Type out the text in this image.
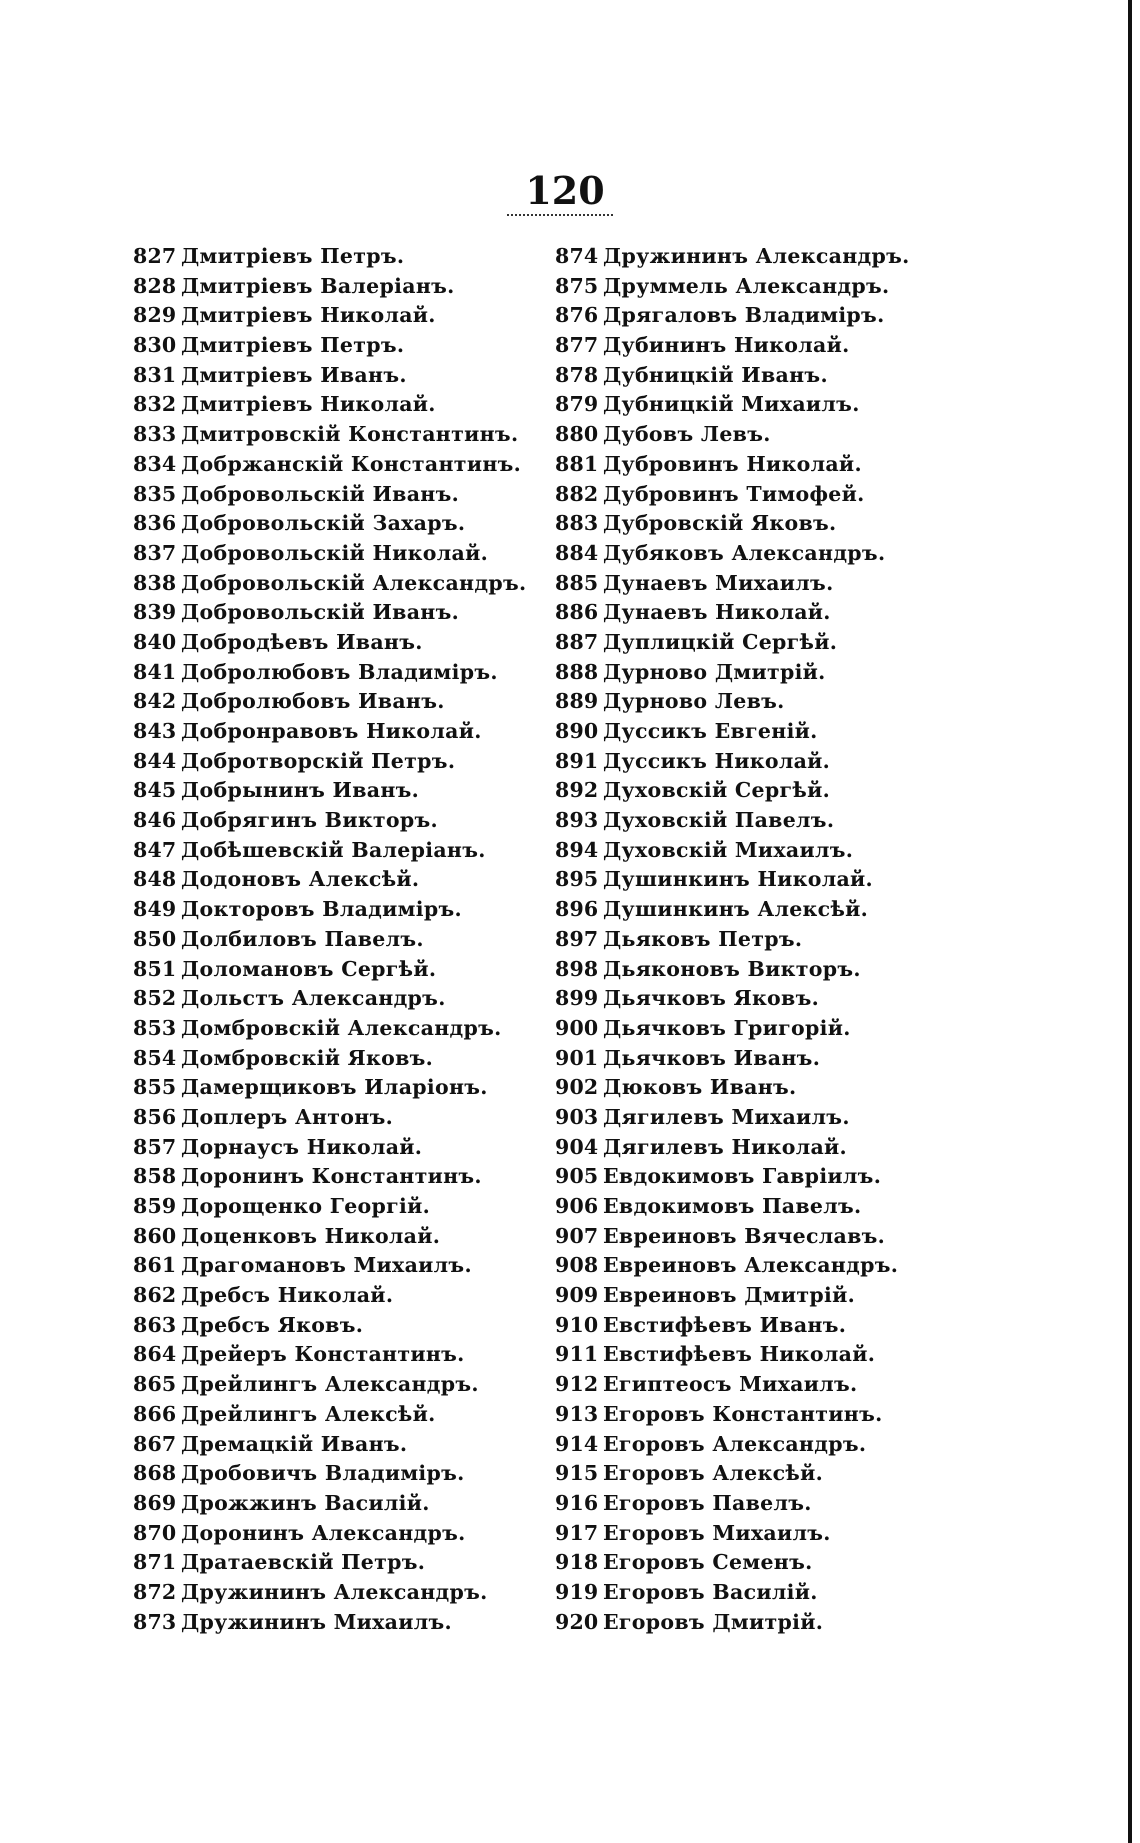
120
827 Дмитріевъ Петръ.
828 Дмитріевъ Валеріанъ.
829 Дмитріевъ Николай.
830 Дмитріевъ Петръ.
831 Дмитріевъ Иванъ.
832 Дмитріевъ Николай.
833 Дмитровскій Константинъ.
834 Добржанскій Константинъ.
835 Добровольскій Иванъ.
836 Добровольскій Захаръ.
837 Добровольскій Николай.
838 Добровольскій Александръ.
839 Добровольскій Иванъ.
840 Добродѣевъ Иванъ.
841 Добролюбовъ Владиміръ.
842 Добролюбовъ Иванъ.
843 Добронравовъ Николай.
844 Добротворскій Петръ.
845 Добрынинъ Иванъ.
846 Добрягинъ Викторъ.
847 Добѣшевскій Валеріанъ.
848 Додоновъ Алексѣй.
849 Докторовъ Владиміръ.
850 Долбиловъ Павелъ.
851 Доломановъ Сергѣй.
852 Дольстъ Александръ.
853 Домбровскій Александръ.
854 Домбровскій Яковъ.
855 Дамерщиковъ Иларіонъ.
856 Доплеръ Антонъ.
857 Дорнаусъ Николай.
858 Доронинъ Константинъ.
859 Дорощенко Георгій.
860 Доценковъ Николай.
861 Драгомановъ Михаилъ.
862 Дребсъ Николай.
863 Дребсъ Яковъ.
864 Дрейеръ Константинъ.
865 Дрейлингъ Александръ.
866 Дрейлингъ Алексѣй.
867 Дремацкій Иванъ.
868 Дробовичъ Владиміръ.
869 Дрожжинъ Василій.
870 Доронинъ Александръ.
871 Дратаевскій Петръ.
872 Дружининъ Александръ.
873 Дружининъ Михаилъ.
874 Дружининъ Александръ.
875 Друммель Александръ.
876 Дрягаловъ Владиміръ.
877 Дубининъ Николай.
878 Дубницкій Иванъ.
879 Дубницкій Михаилъ.
880 Дубовъ Левъ.
881 Дубровинъ Николай.
882 Дубровинъ Тимофей.
883 Дубровскій Яковъ.
884 Дубяковъ Александръ.
885 Дунаевъ Михаилъ.
886 Дунаевъ Николай.
887 Дуплицкій Сергѣй.
888 Дурново Дмитрій.
889 Дурново Левъ.
890 Дуссикъ Евгеній.
891 Дуссикъ Николай.
892 Духовскій Сергѣй.
893 Духовскій Павелъ.
894 Духовскій Михаилъ.
895 Душинкинъ Николай.
896 Душинкинъ Алексѣй.
897 Дьяковъ Петръ.
898 Дьяконовъ Викторъ.
899 Дьячковъ Яковъ.
900 Дьячковъ Григорій.
901 Дьячковъ Иванъ.
902 Дюковъ Иванъ.
903 Дягилевъ Михаилъ.
904 Дягилевъ Николай.
905 Евдокимовъ Гавріилъ.
906 Евдокимовъ Павелъ.
907 Евреиновъ Вячеславъ.
908 Евреиновъ Александръ.
909 Евреиновъ Дмитрій.
910 Евстифѣевъ Иванъ.
911 Евстифѣевъ Николай.
912 Египтеосъ Михаилъ.
913 Егоровъ Константинъ.
914 Егоровъ Александръ.
915 Егоровъ Алексѣй.
916 Егоровъ Павелъ.
917 Егоровъ Михаилъ.
918 Егоровъ Семенъ.
919 Егоровъ Василій.
920 Егоровъ Дмитрій.
